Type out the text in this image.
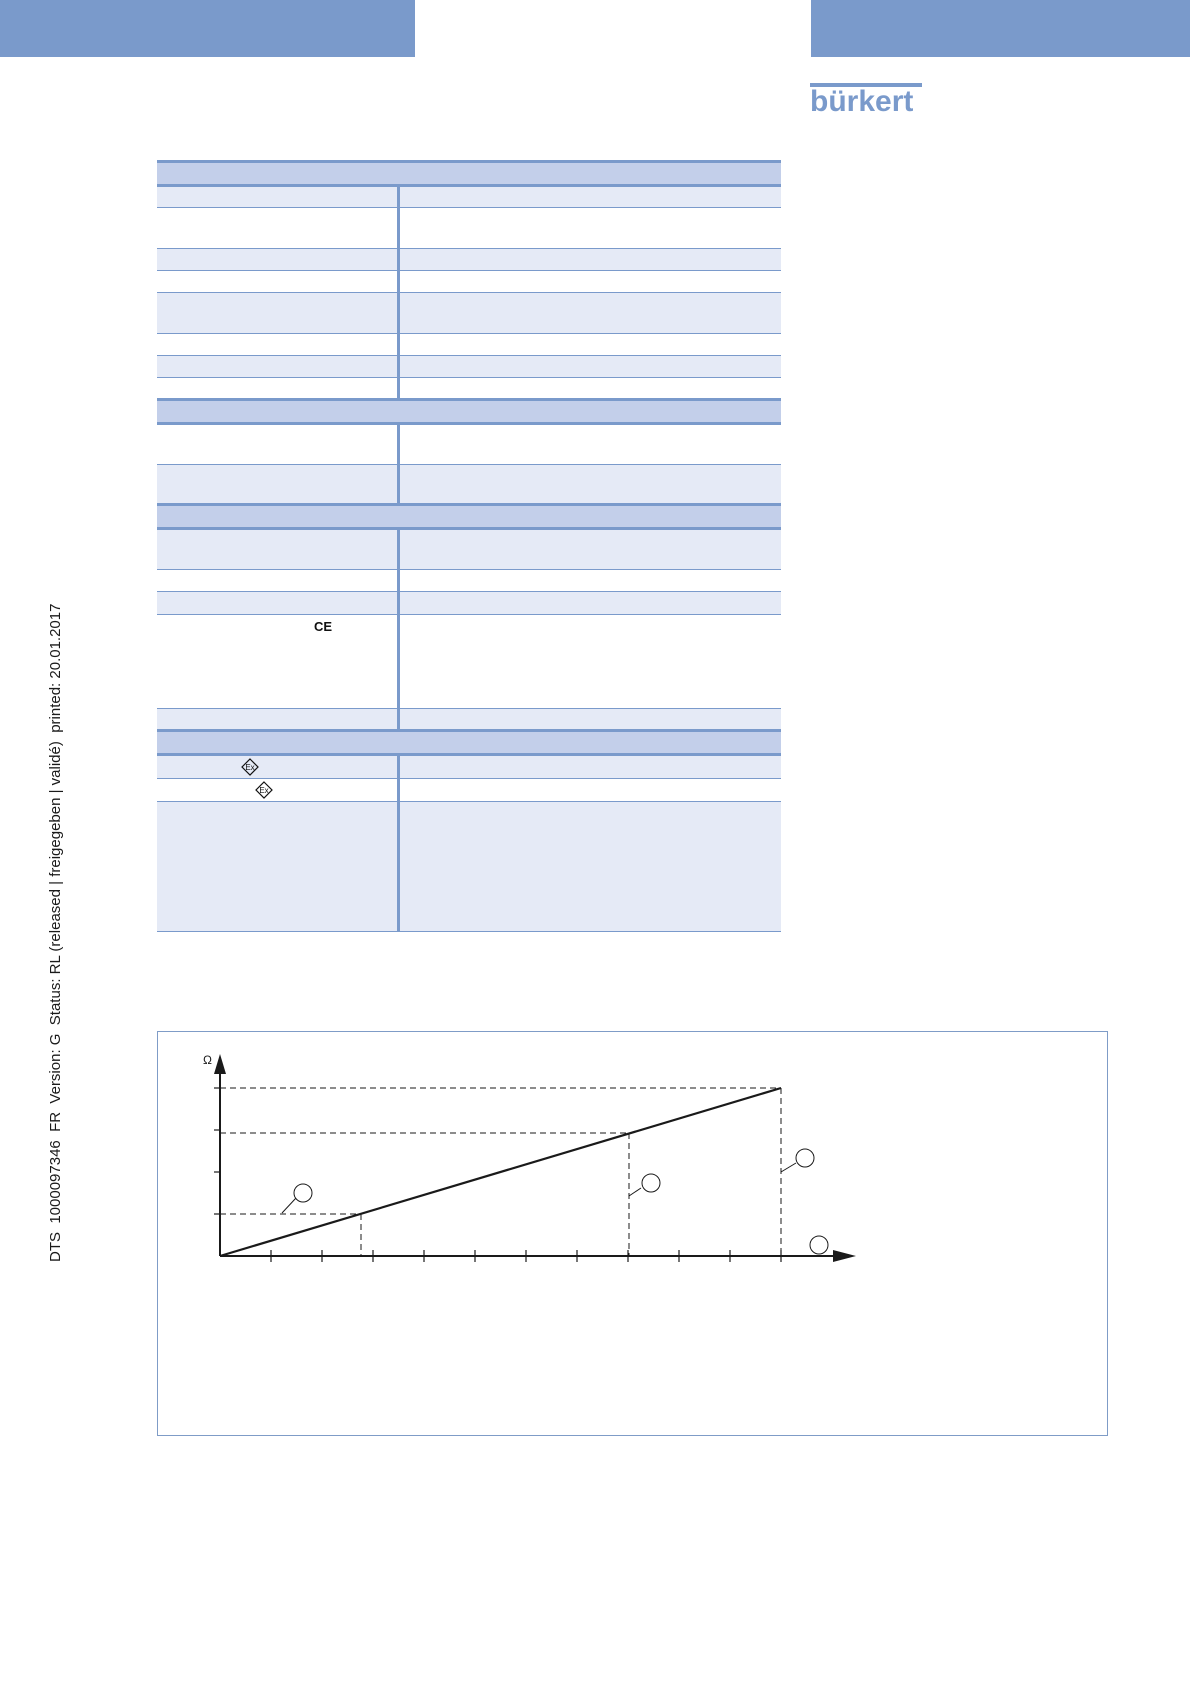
bürkert
DTS  1000097346  FR  Version: G  Status: RL (released | freigegeben | validé)  printed: 20.01.2017	CE
Ex
Ex
Ω
